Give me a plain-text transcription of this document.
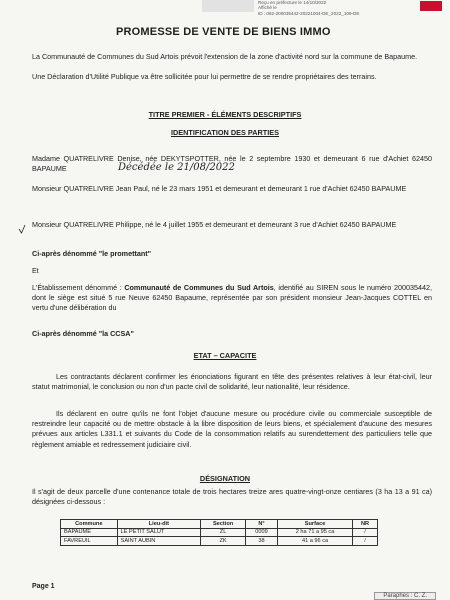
Reçu en préfecture le 14/10/2022
Affiché le
ID : 062-200035442-20221004-DE_2022_109-DE
PROMESSE DE VENTE DE BIENS IMMO
La Communauté de Communes du Sud Artois prévoit l'extension de la zone d'activité nord sur la commune de Bapaume.
Une Déclaration d'Utilité Publique va être sollicitée pour lui permettre de se rendre propriétaires des terrains.
TITRE PREMIER - ÉLÉMENTS DESCRIPTIFS
IDENTIFICATION DES PARTIES
Madame QUATRELIVRE Denise, née DEKYTSPOTTER, née le 2 septembre 1930 et demeurant 6 rue d'Achiet 62450 BAPAUME	Décédée le 21/08/2022
Monsieur QUATRELIVRE Jean Paul, né le 23 mars 1951 et demeurant et demeurant 1 rue d'Achiet 62450 BAPAUME
Monsieur QUATRELIVRE Philippe, né le 4 juillet 1955 et demeurant et demeurant 3 rue d'Achiet 62450 BAPAUME
Ci-après dénommé "le promettant"
Et
L'Établissement dénommé : Communauté de Communes du Sud Artois, identifié au SIREN sous le numéro 200035442, dont le siège est situé 5 rue Neuve 62450 Bapaume, représentée par son président monsieur Jean-Jacques COTTEL en vertu d'une délibération du
Ci-après dénommé "la CCSA"
ETAT – CAPACITE
Les contractants déclarent confirmer les énonciations figurant en tête des présentes relatives à leur état-civil, leur statut matrimonial, le conclusion ou non d'un pacte civil de solidarité, leur nationalité, leur résidence.
Ils déclarent en outre qu'ils ne font l'objet d'aucune mesure ou procédure civile ou commerciale susceptible de restreindre leur capacité ou de mettre obstacle à la libre disposition de leurs biens, et spécialement d'aucune des mesures prévues aux articles L331.1 et suivants du Code de la consommation relatifs au surendettement des particuliers telle que règlement amiable et redressement judiciaire civil.
DÉSIGNATION
Il s'agit de deux parcelle d'une contenance totale de trois hectares treize ares quatre-vingt-onze centiares (3 ha 13 a 91 ca) désignées ci-dessous :
Commune	Lieu-dit	Section	N°	Surface	NR
BAPAUME	LE PETIT SALUT	ZL	0009	2 ha 71 a 95 ca	/
FAVREUIL	SAINT AUBIN	ZK	38	41 a 96 ca	/
Page 1
Paraphes : C. Z.
